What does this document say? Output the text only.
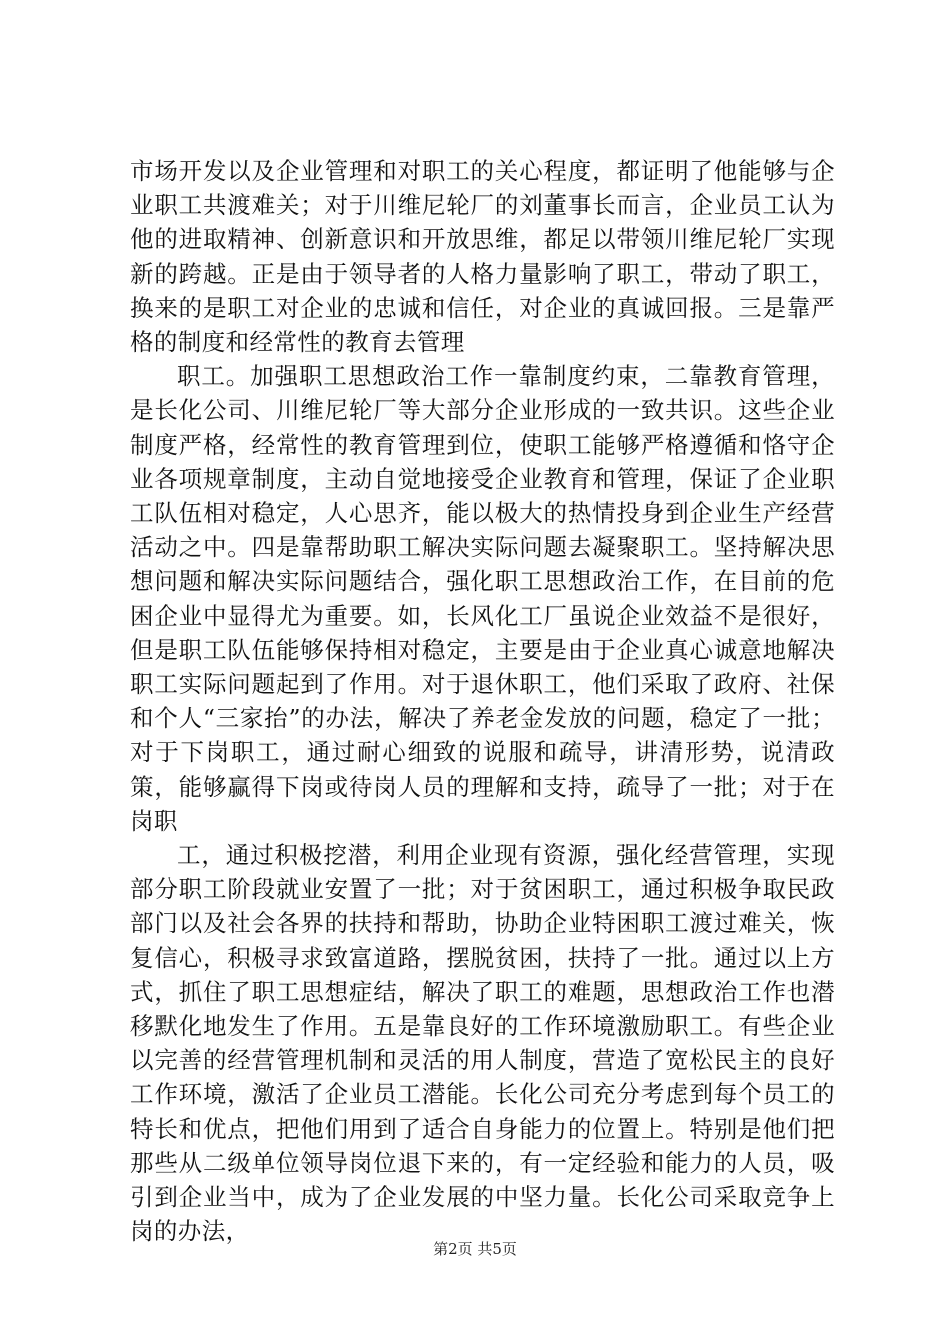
市场开发以及企业管理和对职工的关心程度，都证明了他能够与企业职工共渡难关；对于川维尼轮厂的刘董事长而言，企业员工认为他的进取精神、创新意识和开放思维，都足以带领川维尼轮厂实现新的跨越。正是由于领导者的人格力量影响了职工，带动了职工，换来的是职工对企业的忠诚和信任，对企业的真诚回报。三是靠严格的制度和经常性的教育去管理

职工。加强职工思想政治工作一靠制度约束，二靠教育管理，是长化公司、川维尼轮厂等大部分企业形成的一致共识。这些企业制度严格，经常性的教育管理到位，使职工能够严格遵循和恪守企业各项规章制度，主动自觉地接受企业教育和管理，保证了企业职工队伍相对稳定，人心思齐，能以极大的热情投身到企业生产经营活动之中。四是靠帮助职工解决实际问题去凝聚职工。坚持解决思想问题和解决实际问题结合，强化职工思想政治工作，在目前的危困企业中显得尤为重要。如，长风化工厂虽说企业效益不是很好，但是职工队伍能够保持相对稳定，主要是由于企业真心诚意地解决职工实际问题起到了作用。对于退休职工，他们采取了政府、社保和个人“三家抬”的办法，解决了养老金发放的问题，稳定了一批；对于下岗职工，通过耐心细致的说服和疏导，讲清形势，说清政策，能够赢得下岗或待岗人员的理解和支持，疏导了一批；对于在岗职

工，通过积极挖潜，利用企业现有资源，强化经营管理，实现部分职工阶段就业安置了一批；对于贫困职工，通过积极争取民政部门以及社会各界的扶持和帮助，协助企业特困职工渡过难关，恢复信心，积极寻求致富道路，摆脱贫困，扶持了一批。通过以上方式，抓住了职工思想症结，解决了职工的难题，思想政治工作也潜移默化地发生了作用。五是靠良好的工作环境激励职工。有些企业以完善的经营管理机制和灵活的用人制度，营造了宽松民主的良好工作环境，激活了企业员工潜能。长化公司充分考虑到每个员工的特长和优点，把他们用到了适合自身能力的位置上。特别是他们把那些从二级单位领导岗位退下来的，有一定经验和能力的人员，吸引到企业当中，成为了企业发展的中坚力量。长化公司采取竞争上岗的办法，

第2页 共5页
